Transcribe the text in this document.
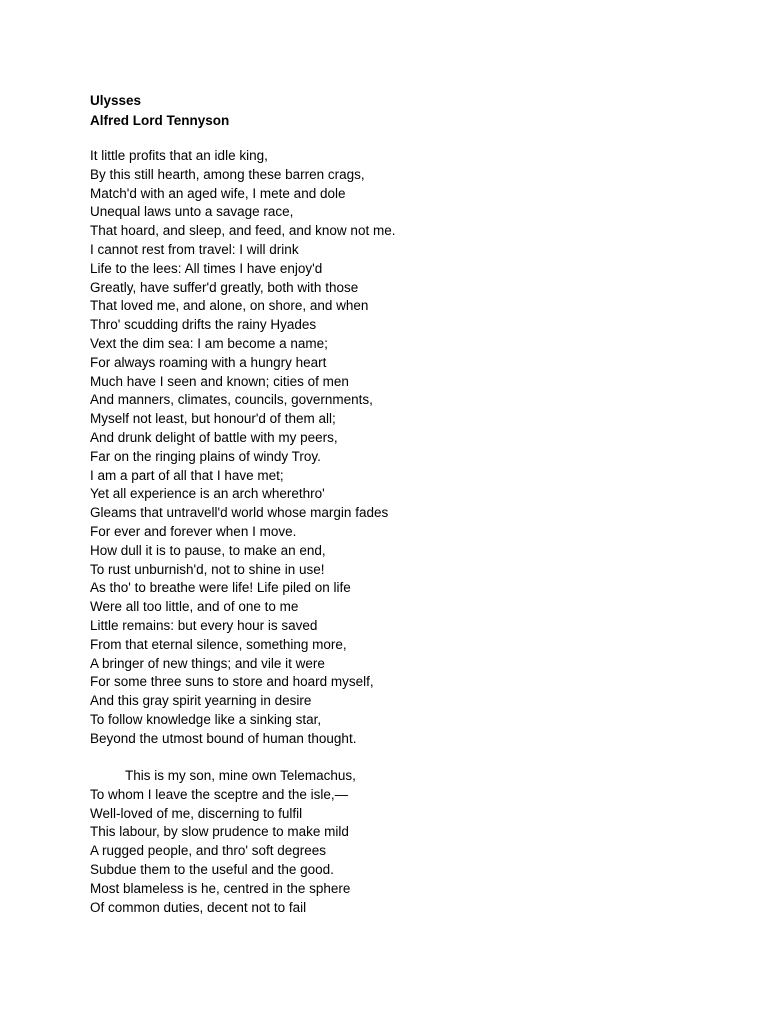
Ulysses
Alfred Lord Tennyson
It little profits that an idle king,
By this still hearth, among these barren crags,
Match'd with an aged wife, I mete and dole
Unequal laws unto a savage race,
That hoard, and sleep, and feed, and know not me.
I cannot rest from travel: I will drink
Life to the lees: All times I have enjoy'd
Greatly, have suffer'd greatly, both with those
That loved me, and alone, on shore, and when
Thro' scudding drifts the rainy Hyades
Vext the dim sea: I am become a name;
For always roaming with a hungry heart
Much have I seen and known; cities of men
And manners, climates, councils, governments,
Myself not least, but honour'd of them all;
And drunk delight of battle with my peers,
Far on the ringing plains of windy Troy.
I am a part of all that I have met;
Yet all experience is an arch wherethro'
Gleams that untravell'd world whose margin fades
For ever and forever when I move.
How dull it is to pause, to make an end,
To rust unburnish'd, not to shine in use!
As tho' to breathe were life! Life piled on life
Were all too little, and of one to me
Little remains: but every hour is saved
From that eternal silence, something more,
A bringer of new things; and vile it were
For some three suns to store and hoard myself,
And this gray spirit yearning in desire
To follow knowledge like a sinking star,
Beyond the utmost bound of human thought.
This is my son, mine own Telemachus,
To whom I leave the sceptre and the isle,—
Well-loved of me, discerning to fulfil
This labour, by slow prudence to make mild
A rugged people, and thro' soft degrees
Subdue them to the useful and the good.
Most blameless is he, centred in the sphere
Of common duties, decent not to fail
